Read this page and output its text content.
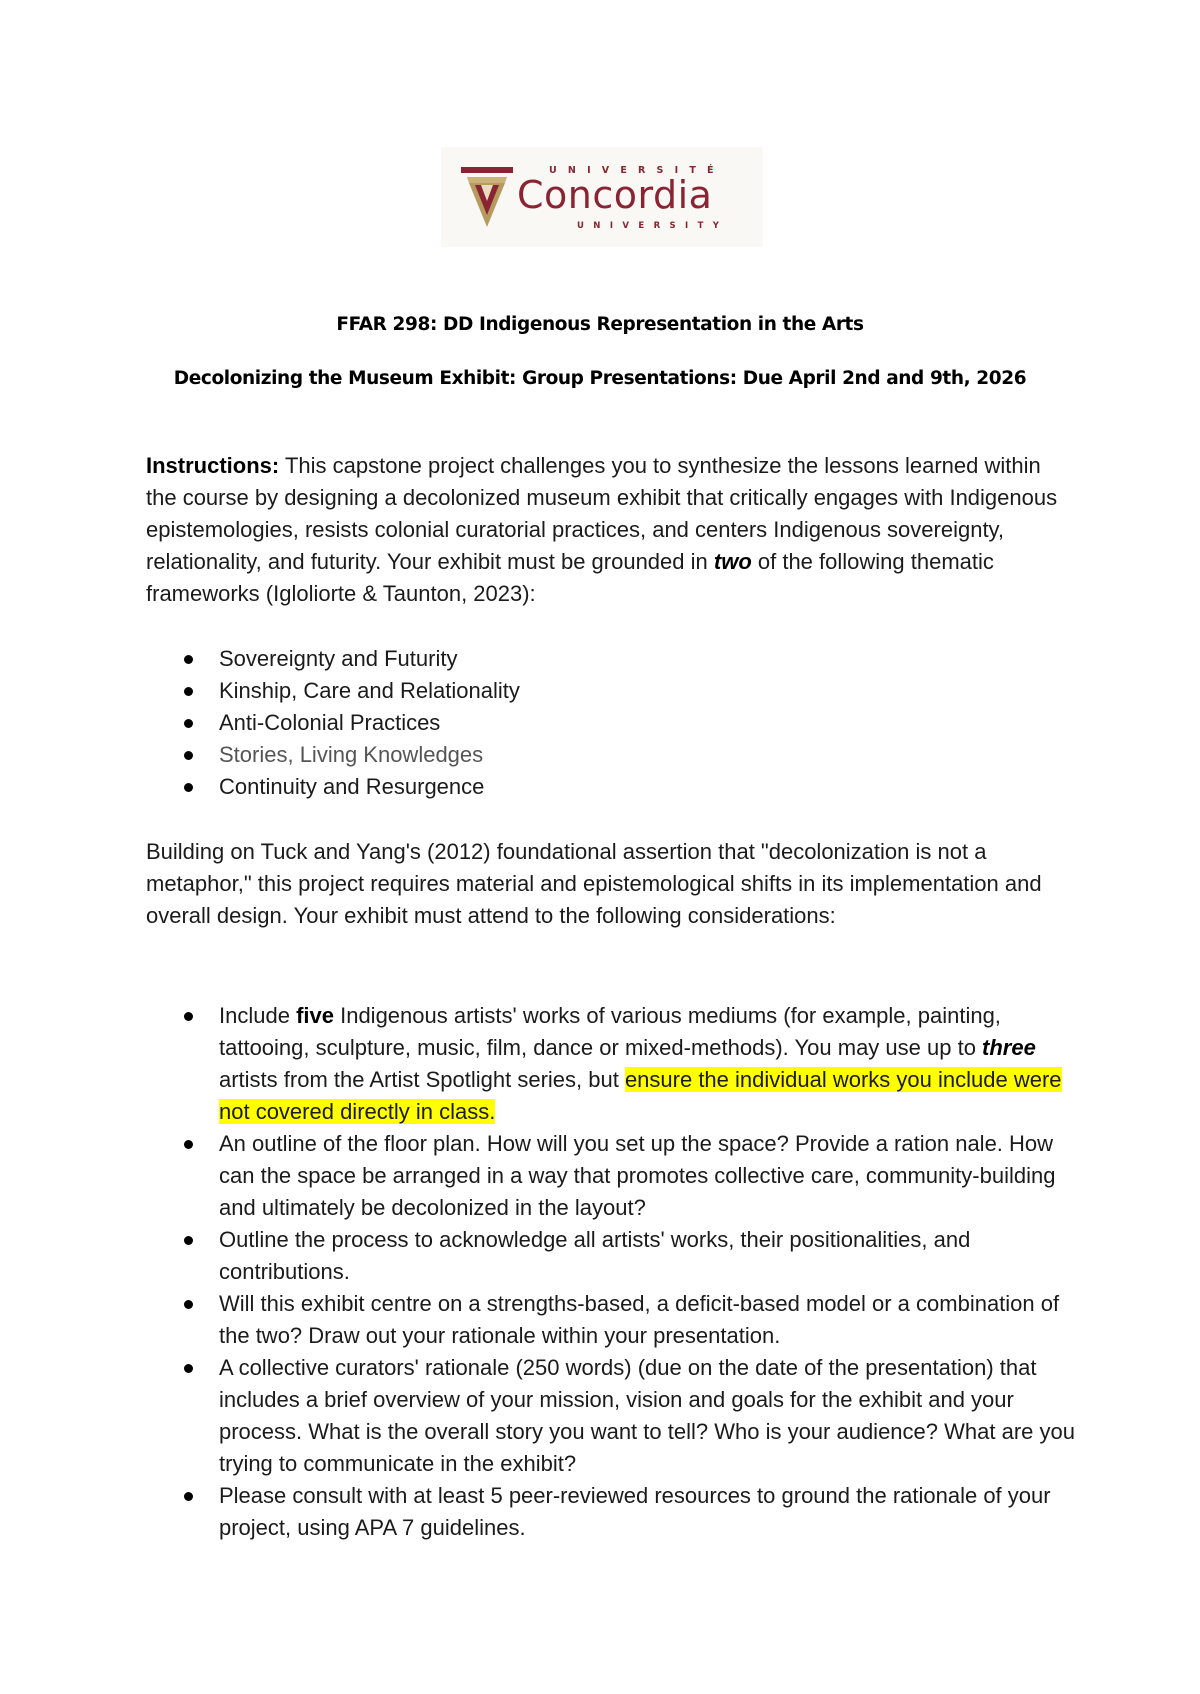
UNIVERSITÉ
Concordia
UNIVERSITY
FFAR 298: DD Indigenous Representation in the Arts
Decolonizing the Museum Exhibit: Group Presentations: Due April 2nd and 9th, 2026
Instructions: This capstone project challenges you to synthesize the lessons learned within the course by designing a decolonized museum exhibit that critically engages with Indigenous epistemologies, resists colonial curatorial practices, and centers Indigenous sovereignty, relationality, and futurity. Your exhibit must be grounded in two of the following thematic frameworks (Igloliorte & Taunton, 2023):
Sovereignty and Futurity
Kinship, Care and Relationality
Anti-Colonial Practices
Stories, Living Knowledges
Continuity and Resurgence
Building on Tuck and Yang's (2012) foundational assertion that "decolonization is not a metaphor," this project requires material and epistemological shifts in its implementation and overall design. Your exhibit must attend to the following considerations:
Include five Indigenous artists' works of various mediums (for example, painting, tattooing, sculpture, music, film, dance or mixed-methods). You may use up to three artists from the Artist Spotlight series, but ensure the individual works you include were not covered directly in class.
An outline of the floor plan. How will you set up the space? Provide a ration nale. How can the space be arranged in a way that promotes collective care, community-building and ultimately be decolonized in the layout?
Outline the process to acknowledge all artists' works, their positionalities, and contributions.
Will this exhibit centre on a strengths-based, a deficit-based model or a combination of the two? Draw out your rationale within your presentation.
A collective curators' rationale (250 words) (due on the date of the presentation) that includes a brief overview of your mission, vision and goals for the exhibit and your process. What is the overall story you want to tell? Who is your audience? What are you trying to communicate in the exhibit?
Please consult with at least 5 peer-reviewed resources to ground the rationale of your project, using APA 7 guidelines.
